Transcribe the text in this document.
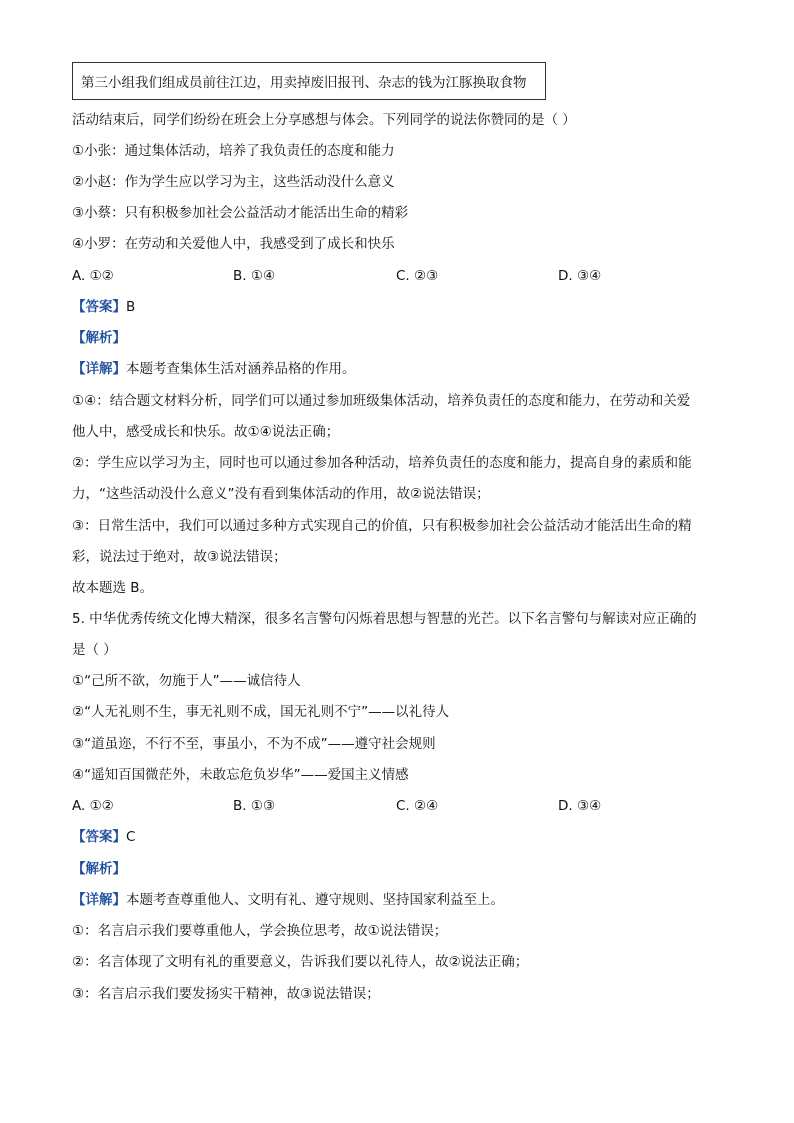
第三小组我们组成员前往江边，用卖掉废旧报刊、杂志的钱为江豚换取食物
活动结束后，同学们纷纷在班会上分享感想与体会。下列同学的说法你赞同的是（ ）
①小张：通过集体活动，培养了我负责任的态度和能力
②小赵：作为学生应以学习为主，这些活动没什么意义
③小蔡：只有积极参加社会公益活动才能活出生命的精彩
④小罗：在劳动和关爱他人中，我感受到了成长和快乐
A. ①②	B. ①④	C. ②③	D. ③④
【答案】B
【解析】
【详解】本题考查集体生活对涵养品格的作用。
①④：结合题文材料分析，同学们可以通过参加班级集体活动，培养负责任的态度和能力，在劳动和关爱
他人中，感受成长和快乐。故①④说法正确；
②：学生应以学习为主，同时也可以通过参加各种活动，培养负责任的态度和能力，提高自身的素质和能
力，“这些活动没什么意义”没有看到集体活动的作用，故②说法错误；
③：日常生活中，我们可以通过多种方式实现自己的价值，只有积极参加社会公益活动才能活出生命的精
彩，说法过于绝对，故③说法错误；
故本题选 B。
5. 中华优秀传统文化博大精深，很多名言警句闪烁着思想与智慧的光芒。以下名言警句与解读对应正确的
是（ ）
①“己所不欲，勿施于人”——诚信待人
②“人无礼则不生，事无礼则不成，国无礼则不宁”——以礼待人
③“道虽迩，不行不至，事虽小，不为不成”——遵守社会规则
④“遥知百国微茫外，未敢忘危负岁华”——爱国主义情感
A. ①②	B. ①③	C. ②④	D. ③④
【答案】C
【解析】
【详解】本题考查尊重他人、文明有礼、遵守规则、坚持国家利益至上。
①：名言启示我们要尊重他人，学会换位思考，故①说法错误；
②：名言体现了文明有礼的重要意义，告诉我们要以礼待人，故②说法正确；
③：名言启示我们要发扬实干精神，故③说法错误；
